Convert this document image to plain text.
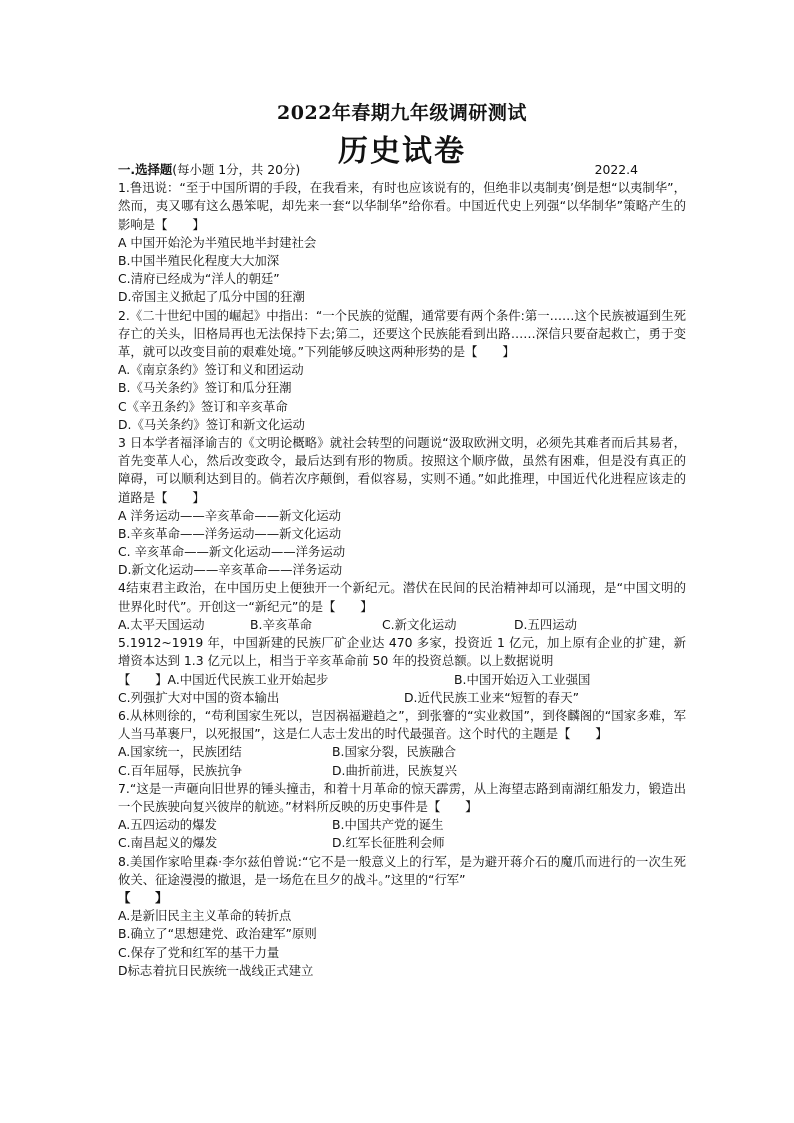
2022年春期九年级调研测试
历史试卷
一.选择题(每小题 1分，共 20分)	2022.4
1.鲁迅说：“至于中国所谓的手段，在我看来，有时也应该说有的，但绝非以夷制夷’倒是想“以夷制华”，然而，夷又哪有这么愚笨呢，却先来一套“以华制华”给你看。中国近代史上列强“以华制华”策略产生的影响是【　　】
A 中国开始沦为半殖民地半封建社会
B.中国半殖民化程度大大加深
C.清府已经成为“洋人的朝廷”
D.帝国主义掀起了瓜分中国的狂潮
2.《二十世纪中国的崛起》中指出：“一个民族的觉醒，通常要有两个条件:第一……这个民族被逼到生死存亡的关头，旧格局再也无法保持下去;第二，还要这个民族能看到出路……深信只要奋起救亡，勇于变革，就可以改变目前的艰难处境。”下列能够反映这两种形势的是【　　】
A.《南京条约》签订和义和团运动
B.《马关条约》签订和瓜分狂潮
C《辛丑条约》签订和辛亥革命
D.《马关条约》签订和新文化运动
3 日本学者福泽谕吉的《文明论概略》就社会转型的问题说“汲取欧洲文明，必须先其难者而后其易者，首先变革人心，然后改变政令，最后达到有形的物质。按照这个顺序做，虽然有困难，但是没有真正的障碍，可以顺利达到目的。倘若次序颠倒，看似容易，实则不通。”如此推理，中国近代化进程应该走的道路是【　　】
A 洋务运动——辛亥革命——新文化运动
B.辛亥革命——洋务运动——新文化运动
C. 辛亥革命——新文化运动——洋务运动
D.新文化运动——辛亥革命——洋务运动
4结束君主政治，在中国历史上便独开一个新纪元。潜伏在民间的民治精神却可以涌现，是“中国文明的世界化时代”。开创这一“新纪元”的是【　　】
A.太平天国运动	B.辛亥革命	C.新文化运动	D.五四运动
5.1912~1919 年，中国新建的民族厂矿企业达 470 多家，投资近 1 亿元，加上原有企业的扩建，新增资本达到 1.3 亿元以上，相当于辛亥革命前 50 年的投资总额。以上数据说明
【　　】A.中国近代民族工业开始起步	B.中国开始迈入工业强国
C.列强扩大对中国的资本输出	D.近代民族工业来“短暂的春天”
6.从林则徐的，“苟利国家生死以，岂因祸福避趋之”，到张謇的“实业救国”，到佟麟阁的“国家多难，军人当马革裹尸，以死报国”，这是仁人志士发出的时代最强音。这个时代的主题是【　　】
A.国家统一，民族团结	B.国家分裂，民族融合
C.百年屈辱，民族抗争	D.曲折前进，民族复兴
7.“这是一声砸向旧世界的锤头撞击，和着十月革命的惊天霹雳，从上海望志路到南湖红船发力，锻造出一个民族驶向复兴彼岸的航迹。”材料所反映的历史事件是【　　】
A.五四运动的爆发	B.中国共产党的诞生
C.南昌起义的爆发	D.红军长征胜利会师
8.美国作家哈里森·李尔兹伯曾说:“它不是一般意义上的行军，是为避开蒋介石的魔爪而进行的一次生死攸关、征途漫漫的撤退，是一场危在旦夕的战斗。”这里的“行军”
【　　】
A.是新旧民主主义革命的转折点
B.确立了“思想建党、政治建军”原则
C.保存了党和红军的基干力量
D标志着抗日民族统一战线正式建立
